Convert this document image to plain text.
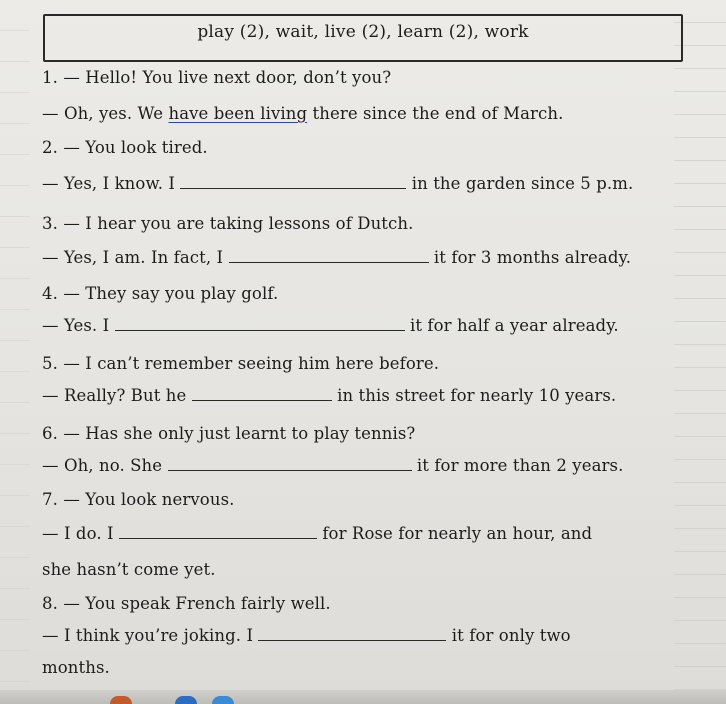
play (2), wait, live (2), learn (2), work
1. — Hello! You live next door, don’t you?
— Oh, yes. We have been living there since the end of March.
2. — You look tired.
— Yes, I know. I	in the garden since 5 p.m.
3. — I hear you are taking lessons of Dutch.
— Yes, I am. In fact, I	it for 3 months already.
4. — They say you play golf.
— Yes. I	it for half a year already.
5. — I can’t remember seeing him here before.
— Really? But he	in this street for nearly 10 years.
6. — Has she only just learnt to play tennis?
— Oh, no. She	it for more than 2 years.
7. — You look nervous.
— I do. I	for Rose for nearly an hour, and
she hasn’t come yet.
8. — You speak French fairly well.
— I think you’re joking. I	it for only two
months.
